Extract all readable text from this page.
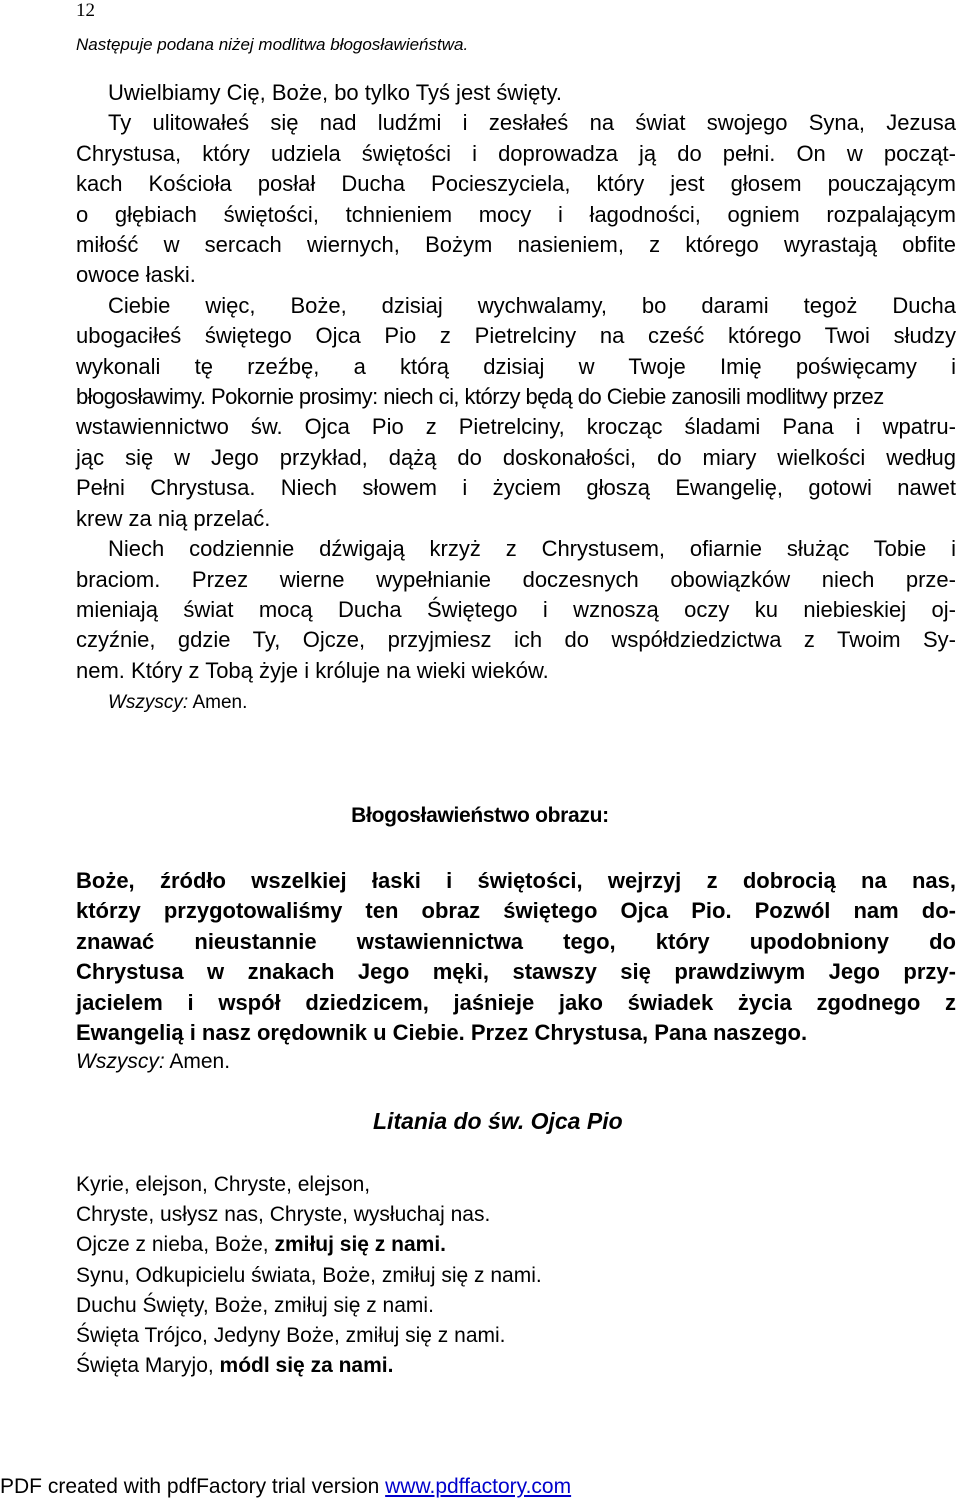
12
Następuje podana niżej modlitwa błogosławieństwa.
Uwielbiamy Cię, Boże, bo tylko Tyś jest święty.
Ty ulitowałeś się nad ludźmi i zesłałeś na świat swojego Syna, Jezusa
Chrystusa, który udziela świętości i doprowadza ją do pełni. On w począt-
kach Kościoła posłał Ducha Pocieszyciela, który jest głosem pouczającym
o głębiach świętości, tchnieniem mocy i łagodności, ogniem rozpalającym
miłość w sercach wiernych, Bożym nasieniem, z którego wyrastają obfite
owoce łaski.
Ciebie więc, Boże, dzisiaj wychwalamy, bo darami tegoż Ducha
ubogaciłeś świętego Ojca Pio z Pietrelciny na cześć którego Twoi słudzy
wykonali tę rzeźbę, a którą dzisiaj w Twoje Imię poświęcamy i
błogosławimy. Pokornie prosimy: niech ci, którzy będą do Ciebie zanosili modlitwy przez
wstawiennictwo św. Ojca Pio z Pietrelciny, krocząc śladami Pana i wpatru-
jąc się w Jego przykład, dążą do doskonałości, do miary wielkości według
Pełni Chrystusa. Niech słowem i życiem głoszą Ewangelię, gotowi nawet
krew za nią przelać.
Niech codziennie dźwigają krzyż z Chrystusem, ofiarnie służąc Tobie i
braciom. Przez wierne wypełnianie doczesnych obowiązków niech prze-
mieniają świat mocą Ducha Świętego i wznoszą oczy ku niebieskiej oj-
czyźnie, gdzie Ty, Ojcze, przyjmiesz ich do współdziedzictwa z Twoim Sy-
nem. Który z Tobą żyje i króluje na wieki wieków.
Wszyscy: Amen.
Błogosławieństwo obrazu:
Boże, źródło wszelkiej łaski i świętości, wejrzyj z dobrocią na nas,
którzy przygotowaliśmy ten obraz świętego Ojca Pio. Pozwól nam do-
znawać nieustannie wstawiennictwa tego, który upodobniony do
Chrystusa w znakach Jego męki, stawszy się prawdziwym Jego przy-
jacielem i współ dziedzicem, jaśniejе jako świadek życia zgodnego z
Ewangelią i nasz orędownik u Ciebie. Przez Chrystusa, Pana naszego.
Wszyscy: Amen.
Litania do św. Ojca Pio
Kyrie, elejson, Chryste, elejson,
Chryste, usłysz nas, Chryste, wysłuchaj nas.
Ojcze z nieba, Boże, zmiłuj się z nami.
Synu, Odkupicielu świata, Boże, zmiłuj się z nami.
Duchu Święty, Boże, zmiłuj się z nami.
Święta Trójco, Jedyny Boże, zmiłuj się z nami.
Święta Maryjo, módl się za nami.
PDF created with pdfFactory trial version www.pdffactory.com
